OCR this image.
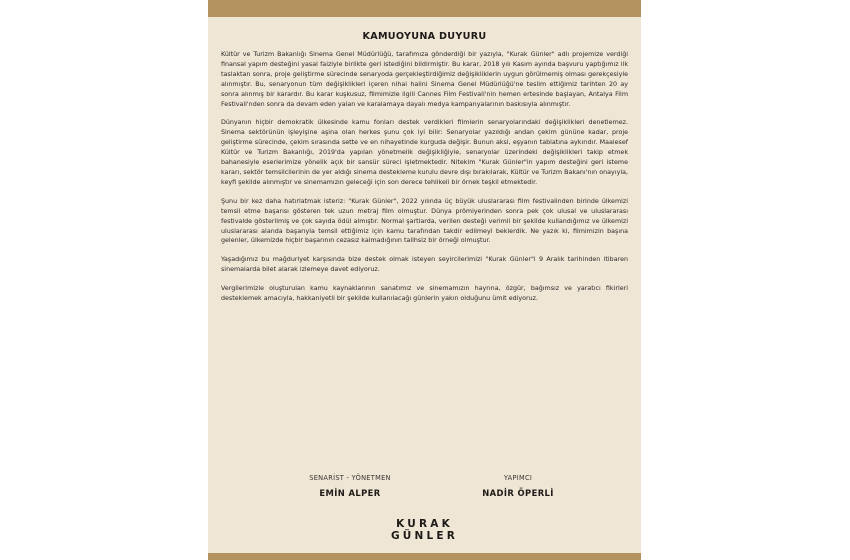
KAMUOYUNA DUYURU

Kültür ve Turizm Bakanlığı Sinema Genel Müdürlüğü, tarafımıza gönderdiği bir yazıyla, "Kurak Günler" adlı projemize verdiği finansal yapım desteğini yasal faiziyle birlikte geri istediğini bildirmiştir. Bu karar, 2018 yılı Kasım ayında başvuru yaptığımız ilk taslaktan sonra, proje geliştirme sürecinde senaryoda gerçekleştirdiğimiz değişikliklerin uygun görülmemiş olması gerekçesiyle alınmıştır. Bu, senaryonun tüm değişiklikleri içeren nihai halini Sinema Genel Müdürlüğü'ne teslim ettiğimiz tarihten 20 ay sonra alınmış bir karardır. Bu karar kuşkusuz, filmimizle ilgili Cannes Film Festivali'nin hemen ertesinde başlayan, Antalya Film Festivali'nden sonra da devam eden yalan ve karalamaya dayalı medya kampanyalarının baskısıyla alınmıştır.

Dünyanın hiçbir demokratik ülkesinde kamu fonları destek verdikleri filmlerin senaryolarındaki değişiklikleri denetlemez. Sinema sektörünün işleyişine aşina olan herkes şunu çok iyi bilir: Senaryolar yazıldığı andan çekim gününe kadar, proje geliştirme sürecinde, çekim sırasında sette ve en nihayetinde kurguda değişir. Bunun aksi, eşyanın tabiatına aykırıdır. Maalesef Kültür ve Turizm Bakanlığı, 2019'da yapılan yönetmelik değişikliğiyle, senaryolar üzerindeki değişiklikleri takip etmek bahanesiyle eserlerimize yönelik açık bir sansür süreci işletmektedir. Nitekim "Kurak Günler"in yapım desteğini geri isteme kararı, sektör temsilcilerinin de yer aldığı sinema destekleme kurulu devre dışı bırakılarak, Kültür ve Turizm Bakanı'nın onayıyla, keyfi şekilde alınmıştır ve sinemamızın geleceği için son derece tehlikeli bir örnek teşkil etmektedir.

Şunu bir kez daha hatırlatmak isteriz: "Kurak Günler", 2022 yılında üç büyük uluslararası film festivalinden birinde ülkemizi temsil etme başarısı gösteren tek uzun metraj film olmuştur. Dünya prömiyerinden sonra pek çok ulusal ve uluslararası festivalde gösterilmiş ve çok sayıda ödül almıştır. Normal şartlarda, verilen desteği verimli bir şekilde kullandığımız ve ülkemizi uluslararası alanda başarıyla temsil ettiğimiz için kamu tarafından takdir edilmeyi beklerdik. Ne yazık ki, filmimizin başına gelenler, ülkemizde hiçbir başarının cezasız kalmadığının talihsiz bir örneği olmuştur.

Yaşadığımız bu mağduriyet karşısında bize destek olmak isteyen seyircilerimizi "Kurak Günler"i 9 Aralık tarihinden itibaren sinemalarda bilet alarak izlemeye davet ediyoruz.

Vergilerimizle oluşturulan kamu kaynaklarının sanatımız ve sinemamızın hayrına, özgür, bağımsız ve yaratıcı fikirleri desteklemek amacıyla, hakkaniyetli bir şekilde kullanılacağı günlerin yakın olduğunu ümit ediyoruz.

SENARİST - YÖNETMEN
EMİN ALPER
YAPIMCI
NADİR ÖPERLİ
KURAK
GÜNLER
